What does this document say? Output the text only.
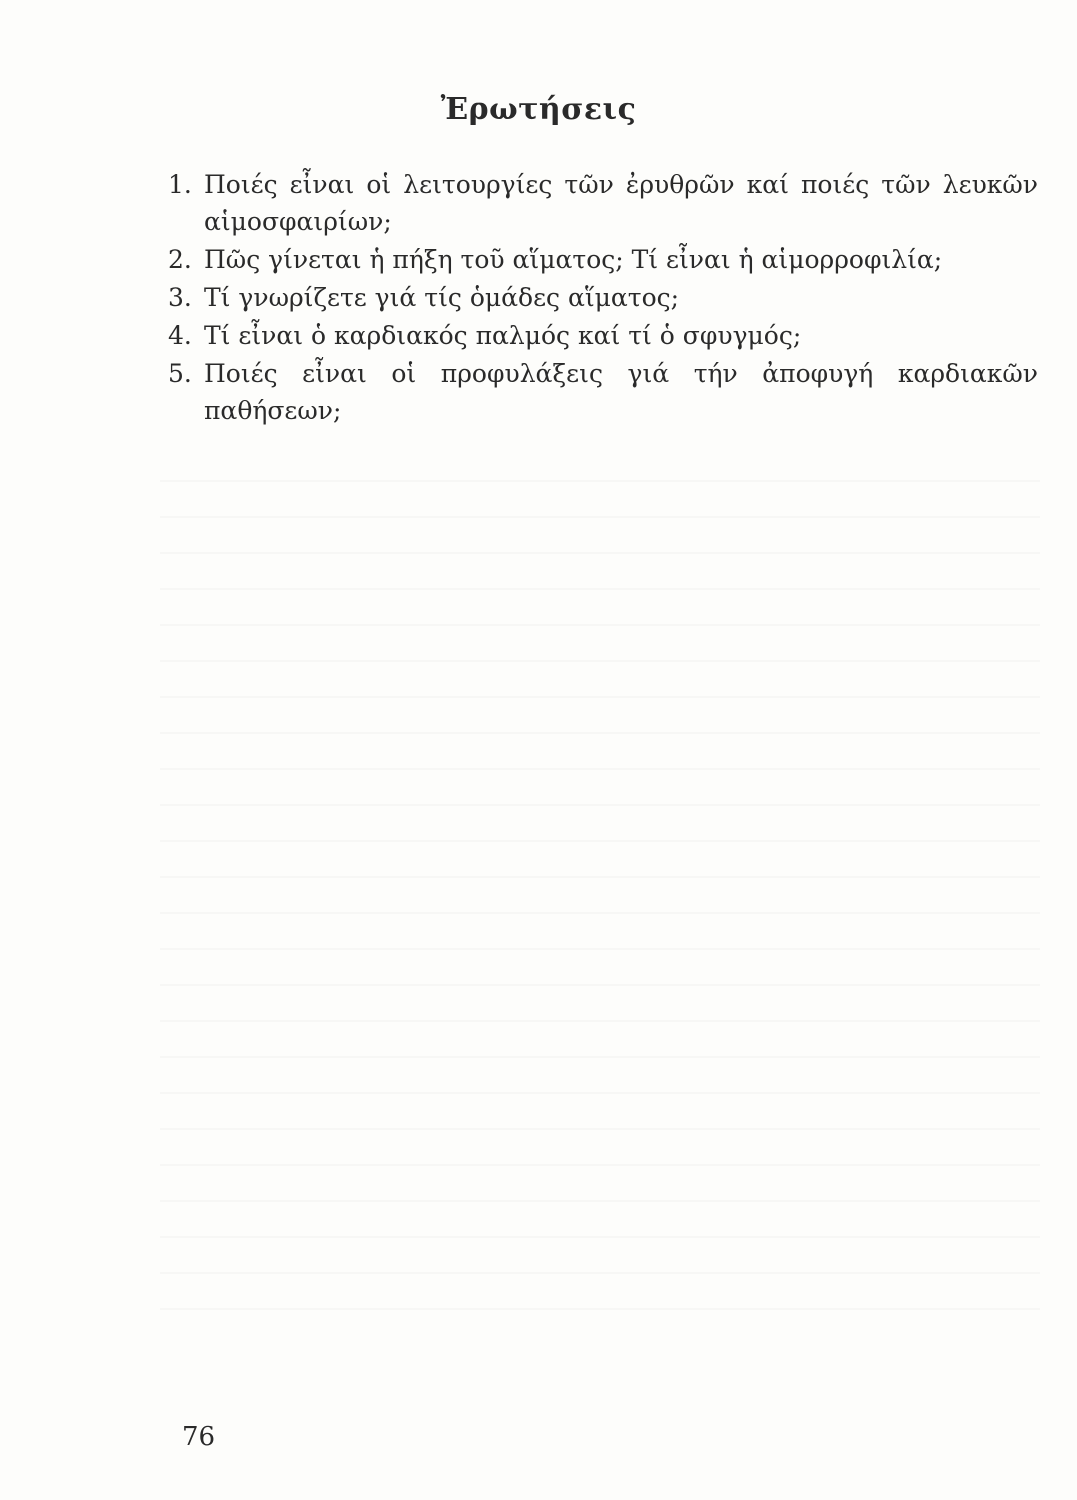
Ἐρωτήσεις
1. Ποιές εἶναι οἱ λειτουργίες τῶν ἐρυθρῶν καί ποιές τῶν λευκῶν αἱμοσφαιρίων;
2. Πῶς γίνεται ἡ πήξη τοῦ αἵματος; Τί εἶναι ἡ αἱμορροφιλία;
3. Τί γνωρίζετε γιά τίς ὁμάδες αἵματος;
4. Τί εἶναι ὁ καρδιακός παλμός καί τί ὁ σφυγμός;
5. Ποιές εἶναι οἱ προφυλάξεις γιά τήν ἀποφυγή καρδιακῶν παθήσεων;
76
